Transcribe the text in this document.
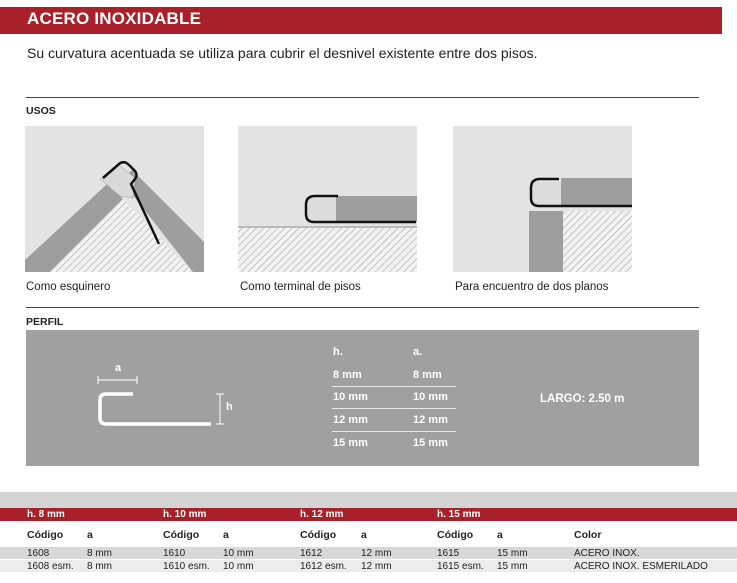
ACERO INOXIDABLE
Su curvatura acentuada se utiliza para cubrir el desnivel existente entre dos pisos.
USOS
Como esquinero	Como terminal de pisos	Para encuentro de dos planos
PERFIL
a
h
h.	a.
8 mm	8 mm
10 mm	10 mm
12 mm	12 mm
15 mm	15 mm
LARGO: 2.50 m
h. 8 mm	h. 10 mm	h. 12 mm	h. 15 mm
Código a	Código a	Código a	Código a	Color
1608	8 mm	1610	10 mm	1612	12 mm	1615	15 mm	ACERO INOX.
1608 esm. 8 mm	1610 esm. 10 mm	1612 esm. 12 mm	1615 esm. 15 mm	ACERO INOX. ESMERILADO
